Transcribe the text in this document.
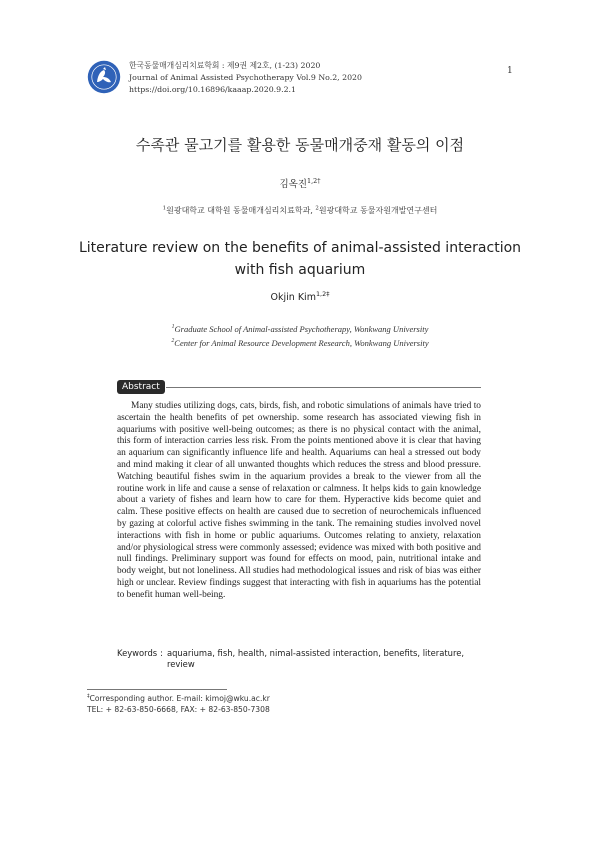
1
한국동물매개심리치료학회 : 제9권 제2호, (1-23) 2020
Journal of Animal Assisted Psychotherapy Vol.9 No.2, 2020
https://doi.org/10.16896/kaaap.2020.9.2.1
수족관 물고기를 활용한 동물매개중재 활동의 이점
김옥진$^{1,2\dagger}$
$^1$원광대학교 대학원 동물매개심리치료학과, $^2$원광대학교 동물자원개발연구센터
Literature review on the benefits of animal-assisted interaction with fish aquarium
Okjin Kim$^{1,2\ddagger}$
$^1$Graduate School of Animal-assisted Psychotherapy, Wonkwang University
$^2$Center for Animal Resource Development Research, Wonkwang University
Abstract

Many studies utilizing dogs, cats, birds, fish, and robotic simulations of animals have tried to ascertain the health benefits of pet ownership. some research has associated viewing fish in aquariums with positive well-being outcomes; as there is no physical contact with the animal, this form of interaction carries less risk. From the points mentioned above it is clear that having an aquarium can significantly influence life and health. Aquariums can heal a stressed out body and mind making it clear of all unwanted thoughts which reduces the stress and blood pressure. Watching beautiful fishes swim in the aquarium provides a break to the viewer from all the routine work in life and cause a sense of relaxation or calmness. It helps kids to gain knowledge about a variety of fishes and learn how to care for them. Hyperactive kids become quiet and calm. These positive effects on health are caused due to secretion of neurochemicals influenced by gazing at colorful active fishes swimming in the tank. The remaining studies involved novel interactions with fish in home or public aquariums. Outcomes relating to anxiety, relaxation and/or physiological stress were commonly assessed; evidence was mixed with both positive and null findings. Preliminary support was found for effects on mood, pain, nutritional intake and body weight, but not loneliness. All studies had methodological issues and risk of bias was either high or unclear. Review findings suggest that interacting with fish in aquariums has the potential to benefit human well-being.

Keywords : aquariuma, fish, health, nimal-assisted interaction, benefits, literature, review
‡Corresponding author. E-mail: kimoj@wku.ac.kr
TEL: + 82-63-850-6668, FAX: + 82-63-850-7308
